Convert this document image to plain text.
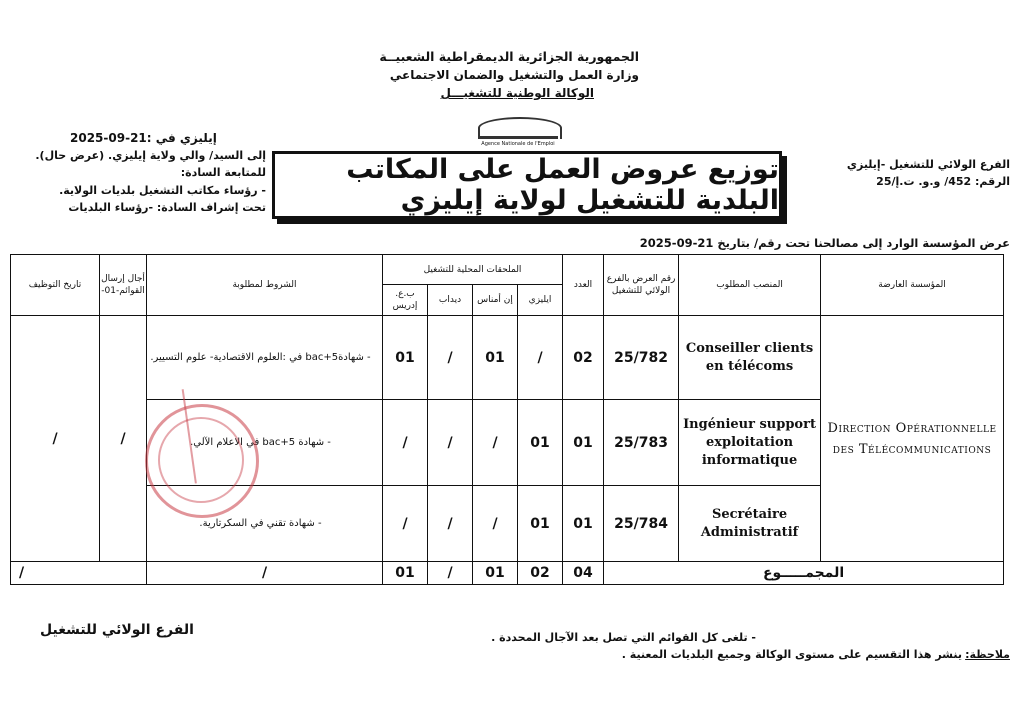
الجمهورية الجزائرية الديمقراطية الشعبيــة
وزارة العمل والتشغيل والضمان الاجتماعي
الوكالة الوطنية للتشغيـــل
Agence Nationale de l'Emploi
إيليزي في :21-09-2025
إلى السيد/ والي ولاية إيليزي. (عرض حال).
للمتابعة السادة:
- رؤساء مكاتب التشغيل بلديات الولاية.
تحت إشراف السادة: -رؤساء البلديات
الفرع الولائي للتشغيل -إيليزي
الرقم: 452/ و.و. ت.إ/25
توزيع عروض العمل على المكاتب البلدية للتشغيل لولاية إيليزي
عرض المؤسسة الوارد إلى مصالحنا تحت رقم/ بتاريخ 21-09-2025
المؤسسة العارضة	المنصب المطلوب	رقم العرض بالفرع الولائي للتشغيل	العدد	الملحقات المحلية للتشغيل				الشروط لمطلوبة	أجال إرسال القوائم-01-	تاريخ التوظيف
				ايليزي	إن أمناس	ديداب	ب.ع. إدريس			
Direction Opérationnelle des Télécommunications	Conseiller clients en télécoms	25/782	02	/	01	/	01	- شهادة5+bac في :العلوم الاقتصادية- علوم التسيير.	/	/
	Ingénieur support exploitation informatique	25/783	01	01	/	/	/	- شهادة 5+bac في الاعلام الآلي.		
	Secrétaire Administratif	25/784	01	01	/	/	/	- شهادة تقني في السكرتارية.		
المجمـــــوع			04	02	01	/	01	/	/	
الفرع الولائي للتشغيل	- تلغى كل القوائم التي تصل بعد الآجال المحددة .
ملاحظة:
ينشر هذا التقسيم على مستوى الوكالة وجميع البلديات المعنية .
